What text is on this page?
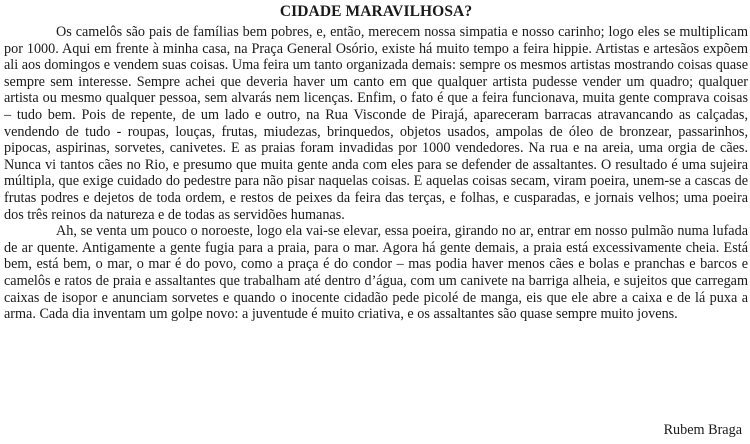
CIDADE MARAVILHOSA?

Os camelôs são pais de famílias bem pobres, e, então, merecem nossa simpatia e nosso carinho; logo eles se multiplicam por 1000. Aqui em frente à minha casa, na Praça General Osório, existe há muito tempo a feira hippie. Artistas e artesãos expõem ali aos domingos e vendem suas coisas. Uma feira um tanto organizada demais: sempre os mesmos artistas mostrando coisas quase sempre sem interesse. Sempre achei que deveria haver um canto em que qualquer artista pudesse vender um quadro; qualquer artista ou mesmo qualquer pessoa, sem alvarás nem licenças. Enfim, o fato é que a feira funcionava, muita gente comprava coisas – tudo bem. Pois de repente, de um lado e outro, na Rua Visconde de Pirajá, apareceram barracas atravancando as calçadas, vendendo de tudo - roupas, louças, frutas, miudezas, brinquedos, objetos usados, ampolas de óleo de bronzear, passarinhos, pipocas, aspirinas, sorvetes, canivetes. E as praias foram invadidas por 1000 vendedores. Na rua e na areia, uma orgia de cães. Nunca vi tantos cães no Rio, e presumo que muita gente anda com eles para se defender de assaltantes. O resultado é uma sujeira múltipla, que exige cuidado do pedestre para não pisar naquelas coisas. E aquelas coisas secam, viram poeira, unem-se a cascas de frutas podres e dejetos de toda ordem, e restos de peixes da feira das terças, e folhas, e cusparadas, e jornais velhos; uma poeira dos três reinos da natureza e de todas as servidões humanas.

Ah, se venta um pouco o noroeste, logo ela vai-se elevar, essa poeira, girando no ar, entrar em nosso pulmão numa lufada de ar quente. Antigamente a gente fugia para a praia, para o mar. Agora há gente demais, a praia está excessivamente cheia. Está bem, está bem, o mar, o mar é do povo, como a praça é do condor – mas podia haver menos cães e bolas e pranchas e barcos e camelôs e ratos de praia e assaltantes que trabalham até dentro d’água, com um canivete na barriga alheia, e sujeitos que carregam caixas de isopor e anunciam sorvetes e quando o inocente cidadão pede picolé de manga, eis que ele abre a caixa e de lá puxa a arma. Cada dia inventam um golpe novo: a juventude é muito criativa, e os assaltantes são quase sempre muito jovens.

Rubem Braga
